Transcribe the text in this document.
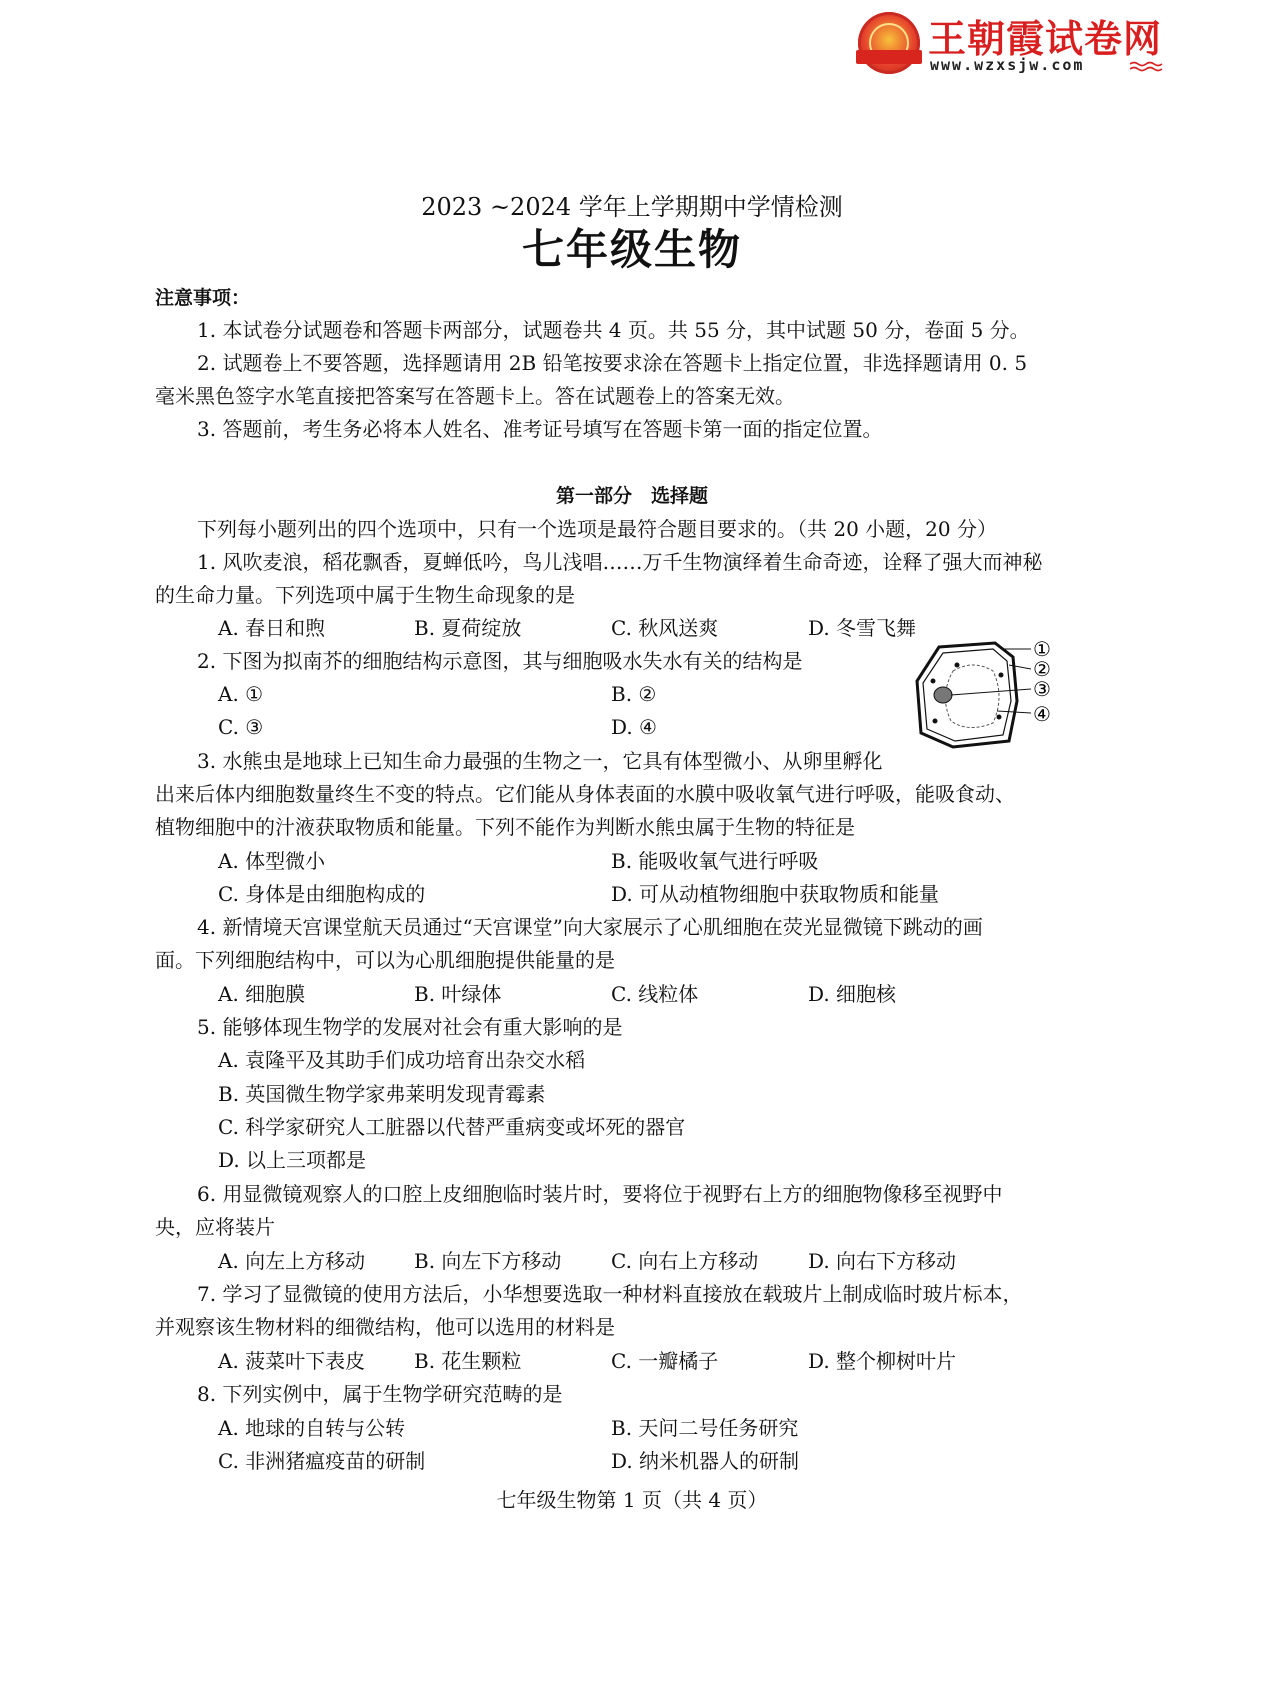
王朝霞试卷网
www.wzxsjw.com
2023 ~2024 学年上学期期中学情检测
七年级生物
注意事项：
1. 本试卷分试题卷和答题卡两部分，试题卷共 4 页。共 55 分，其中试题 50 分，卷面 5 分。
2. 试题卷上不要答题，选择题请用 2B 铅笔按要求涂在答题卡上指定位置，非选择题请用 0. 5
毫米黑色签字水笔直接把答案写在答题卡上。答在试题卷上的答案无效。
3. 答题前，考生务必将本人姓名、准考证号填写在答题卡第一面的指定位置。
第一部分　选择题
下列每小题列出的四个选项中，只有一个选项是最符合题目要求的。（共 20 小题，20 分）
1. 风吹麦浪，稻花飘香，夏蝉低吟，鸟儿浅唱……万千生物演绎着生命奇迹，诠释了强大而神秘
的生命力量。下列选项中属于生物生命现象的是
A. 春日和煦	B. 夏荷绽放	C. 秋风送爽	D. 冬雪飞舞
2. 下图为拟南芥的细胞结构示意图，其与细胞吸水失水有关的结构是
A. ①	B. ②
C. ③	D. ④
①
②
③
④
3. 水熊虫是地球上已知生命力最强的生物之一，它具有体型微小、从卵里孵化
出来后体内细胞数量终生不变的特点。它们能从身体表面的水膜中吸收氧气进行呼吸，能吸食动、
植物细胞中的汁液获取物质和能量。下列不能作为判断水熊虫属于生物的特征是
A. 体型微小	B. 能吸收氧气进行呼吸
C. 身体是由细胞构成的	D. 可从动植物细胞中获取物质和能量
4. 新情境天宫课堂航天员通过“天宫课堂”向大家展示了心肌细胞在荧光显微镜下跳动的画
面。下列细胞结构中，可以为心肌细胞提供能量的是
A. 细胞膜	B. 叶绿体	C. 线粒体	D. 细胞核
5. 能够体现生物学的发展对社会有重大影响的是
A. 袁隆平及其助手们成功培育出杂交水稻
B. 英国微生物学家弗莱明发现青霉素
C. 科学家研究人工脏器以代替严重病变或坏死的器官
D. 以上三项都是
6. 用显微镜观察人的口腔上皮细胞临时装片时，要将位于视野右上方的细胞物像移至视野中
央，应将装片
A. 向左上方移动 B. 向左下方移动 C. 向右上方移动 D. 向右下方移动
7. 学习了显微镜的使用方法后，小华想要选取一种材料直接放在载玻片上制成临时玻片标本，
并观察该生物材料的细微结构，他可以选用的材料是
A. 菠菜叶下表皮 B. 花生颗粒	C. 一瓣橘子	D. 整个柳树叶片
8. 下列实例中，属于生物学研究范畴的是
A. 地球的自转与公转	B. 天问二号任务研究
C. 非洲猪瘟疫苗的研制	D. 纳米机器人的研制
七年级生物第 1 页（共 4 页）
